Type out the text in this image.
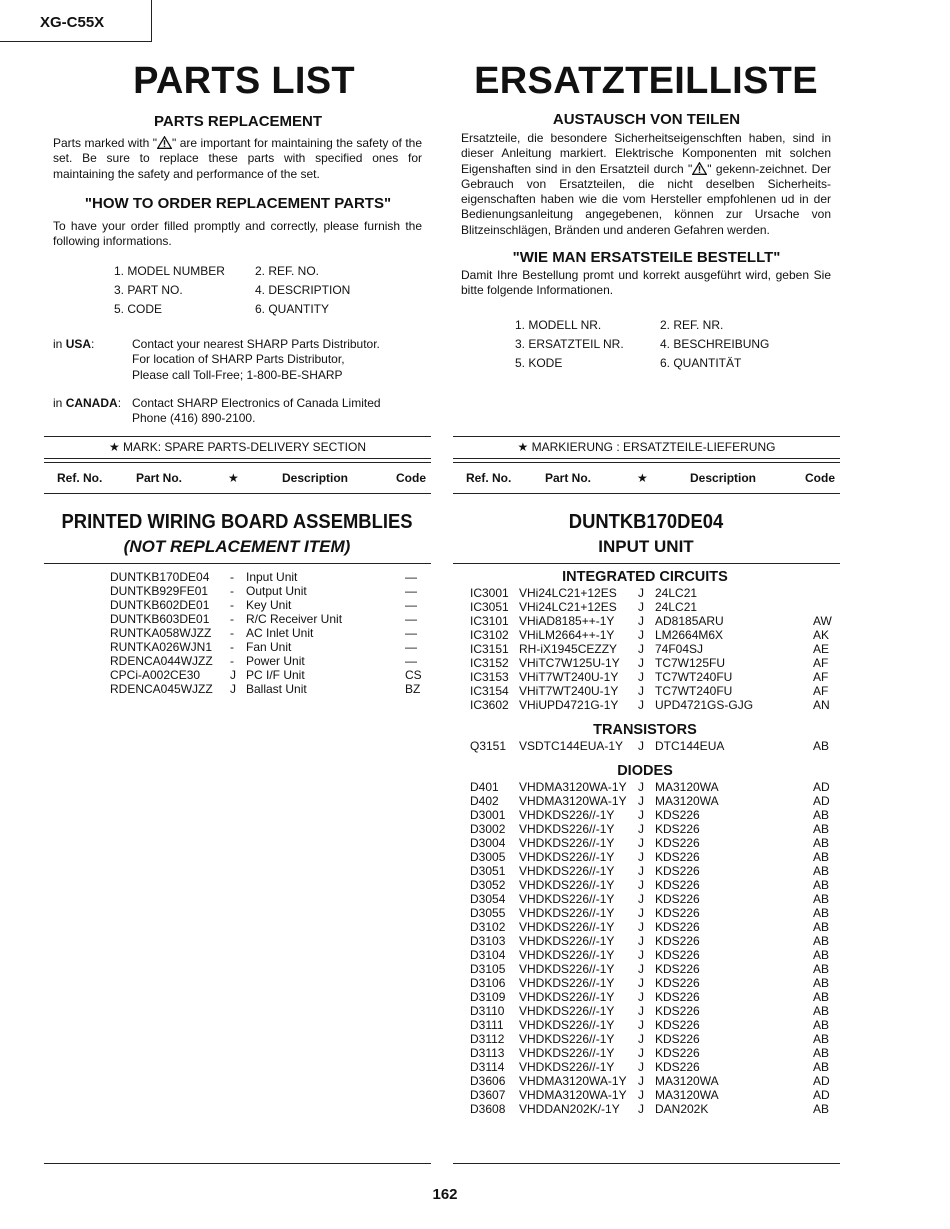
XG-C55X
PARTS LIST
PARTS REPLACEMENT
Parts marked with " " are important for maintaining the safety of the set. Be sure to replace these parts with specified ones for maintaining the safety and performance of the set.
"HOW TO ORDER REPLACEMENT PARTS"
To have your order filled promptly and correctly, please furnish the following informations.
1. MODEL NUMBER	2. REF. NO.
3. PART NO.	4. DESCRIPTION
5. CODE	6. QUANTITY
in USA:	Contact your nearest SHARP Parts Distributor.
For location of SHARP Parts Distributor,
Please call Toll-Free; 1-800-BE-SHARP
in CANADA: Contact SHARP Electronics of Canada Limited
Phone (416) 890-2100.
★ MARK: SPARE PARTS-DELIVERY SECTION
Ref. No.	Part No.	★	Description	Code
PRINTED WIRING BOARD ASSEMBLIES
(NOT REPLACEMENT ITEM)
DUNTKB170DE04 - Input Unit	—
DUNTKB929FE01 - Output Unit	—
DUNTKB602DE01 - Key Unit	—
DUNTKB603DE01 - R/C Receiver Unit	—
RUNTKA058WJZZ - AC Inlet Unit	—
RUNTKA026WJN1 - Fan Unit	—
RDENCA044WJZZ - Power Unit	—
CPCi-A002CE30 J PC I/F Unit	CS
RDENCA045WJZZ J Ballast Unit	BZ
ERSATZTEILLISTE
AUSTAUSCH VON TEILEN
Ersatzteile, die besondere Sicherheitseigenschften haben, sind in dieser Anleitung markiert. Elektrische Komponenten mit solchen Eigenshaften sind in den Ersatzteil durch " " gekenn-zeichnet. Der Gebrauch von Ersatzteilen, die nicht deselben Sicherheits-eigenschaften haben wie die vom Hersteller empfohlenen ud in der Bedienungsanleitung angegebenen, können zur Ursache von Blitzeinschlägen, Bränden und anderen Gefahren werden.
"WIE MAN ERSATSTEILE BESTELLT"
Damit Ihre Bestellung promt und korrekt ausgeführt wird, geben Sie bitte folgende Informationen.
1. MODELL NR.	2. REF. NR.
3. ERSATZTEIL NR.	4. BESCHREIBUNG
5. KODE	6. QUANTITÄT
★ MARKIERUNG : ERSATZTEILE-LIEFERUNG
Ref. No.	Part No.	★	Description	Code
DUNTKB170DE04
INPUT UNIT
INTEGRATED CIRCUITS
IC3001 VHi24LC21+12ES J 24LC21
IC3051 VHi24LC21+12ES J 24LC21
IC3101 VHiAD8185++-1Y J AD8185ARU	AW
IC3102 VHiLM2664++-1Y J LM2664M6X	AK
IC3151 RH-iX1945CEZZY J 74F04SJ	AE
IC3152 VHiTC7W125U-1Y J TC7W125FU	AF
IC3153 VHiT7WT240U-1Y J TC7WT240FU	AF
IC3154 VHiT7WT240U-1Y J TC7WT240FU	AF
IC3602 VHiUPD4721G-1Y J UPD4721GS-GJG	AN
TRANSISTORS
Q3151 VSDTC144EUA-1Y J DTC144EUA	AB
DIODES
D401 VHDMA3120WA-1Y J MA3120WA	AD
D402 VHDMA3120WA-1Y J MA3120WA	AD
D3001 VHDKDS226//-1Y J KDS226	AB
D3002 VHDKDS226//-1Y J KDS226	AB
D3004 VHDKDS226//-1Y J KDS226	AB
D3005 VHDKDS226//-1Y J KDS226	AB
D3051 VHDKDS226//-1Y J KDS226	AB
D3052 VHDKDS226//-1Y J KDS226	AB
D3054 VHDKDS226//-1Y J KDS226	AB
D3055 VHDKDS226//-1Y J KDS226	AB
D3102 VHDKDS226//-1Y J KDS226	AB
D3103 VHDKDS226//-1Y J KDS226	AB
D3104 VHDKDS226//-1Y J KDS226	AB
D3105 VHDKDS226//-1Y J KDS226	AB
D3106 VHDKDS226//-1Y J KDS226	AB
D3109 VHDKDS226//-1Y J KDS226	AB
D3110 VHDKDS226//-1Y J KDS226	AB
D3111 VHDKDS226//-1Y J KDS226	AB
D3112 VHDKDS226//-1Y J KDS226	AB
D3113 VHDKDS226//-1Y J KDS226	AB
D3114 VHDKDS226//-1Y J KDS226	AB
D3606 VHDMA3120WA-1Y J MA3120WA	AD
D3607 VHDMA3120WA-1Y J MA3120WA	AD
D3608 VHDDAN202K/-1Y J DAN202K	AB
162
